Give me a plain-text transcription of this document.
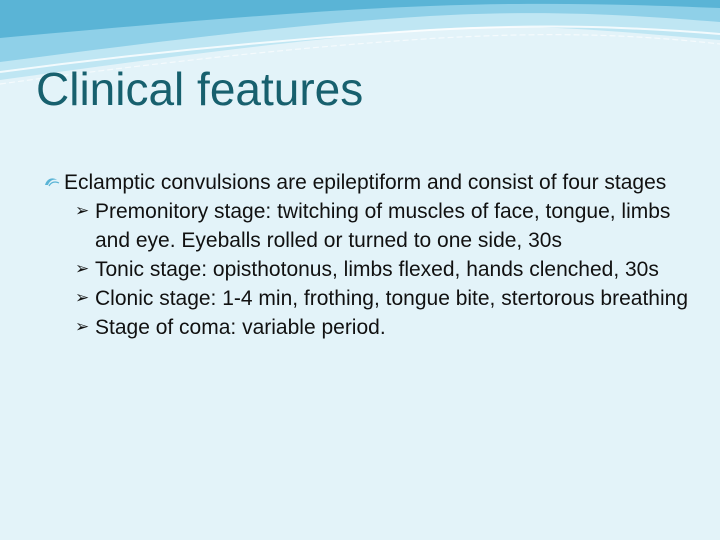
Clinical features

Eclamptic convulsions are epileptiform and consist of four stages

➢ Premonitory stage: twitching of muscles of face, tongue, limbs and eye. Eyeballs rolled or turned to one side, 30s
➢ Tonic stage: opisthotonus, limbs flexed, hands clenched, 30s
➢ Clonic stage: 1-4 min, frothing, tongue bite, stertorous breathing
➢ Stage of coma: variable period.
